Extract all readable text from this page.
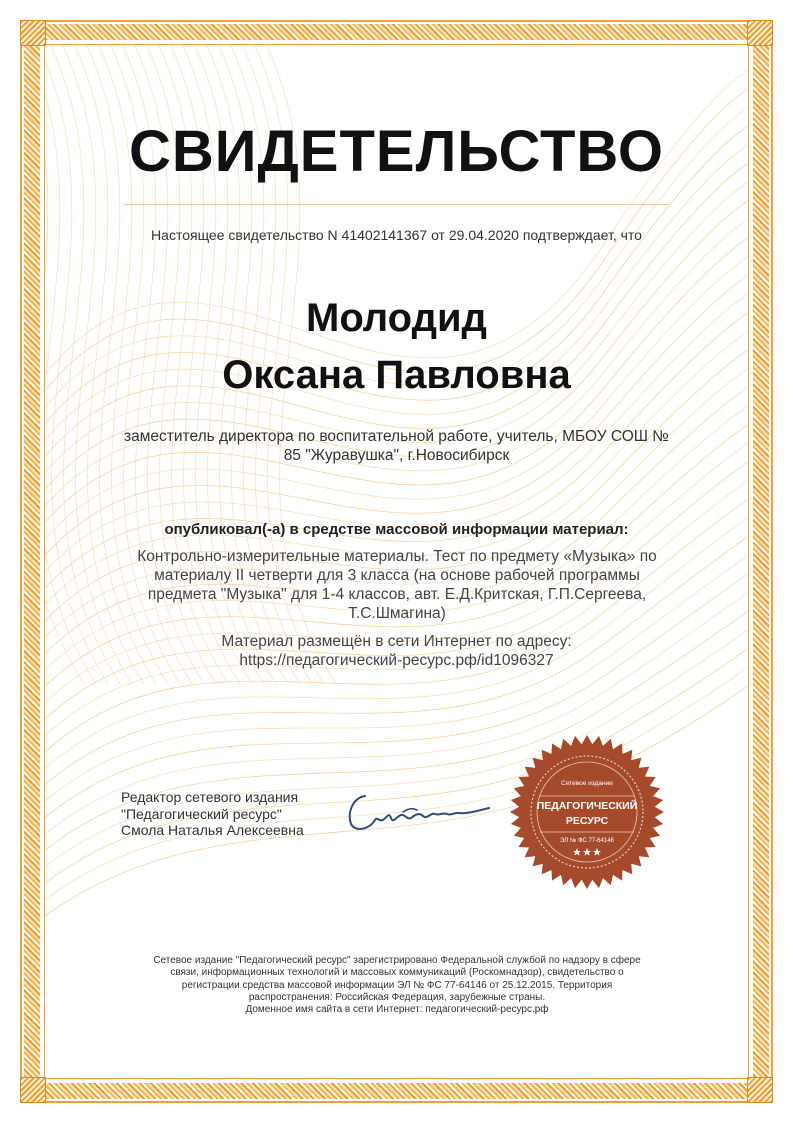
СВИДЕТЕЛЬСТВО
Настоящее свидетельство N 41402141367 от 29.04.2020 подтверждает, что
Молодид
Оксана Павловна
заместитель директора по воспитательной работе, учитель, МБОУ СОШ № 85 "Журавушка", г.Новосибирск
опубликовал(-а) в средстве массовой информации материал:
Контрольно-измерительные материалы. Тест по предмету «Музыка» по материалу II четверти для 3 класса (на основе рабочей программы предмета "Музыка" для 1-4 классов, авт. Е.Д.Критская, Г.П.Сергеева, Т.С.Шмагина)
Материал размещён в сети Интернет по адресу:
https://педагогический-ресурс.рф/id1096327
Редактор сетевого издания
"Педагогический ресурс"
Смола Наталья Алексеевна
Сетевое издание
ПЕДАГОГИЧЕСКИЙ
РЕСУРС
ЭЛ № ФС 77-64146
Сетевое издание "Педагогический ресурс" зарегистрировано Федеральной службой по надзору в сфере
связи, информационных технологий и массовых коммуникаций (Роскомнадзор), свидетельство о
регистрации средства массовой информации ЭЛ № ФС 77-64146 от 25.12.2015. Территория
распространения: Российская Федерация, зарубежные страны.
Доменное имя сайта в сети Интернет: педагогический-ресурс.рф
